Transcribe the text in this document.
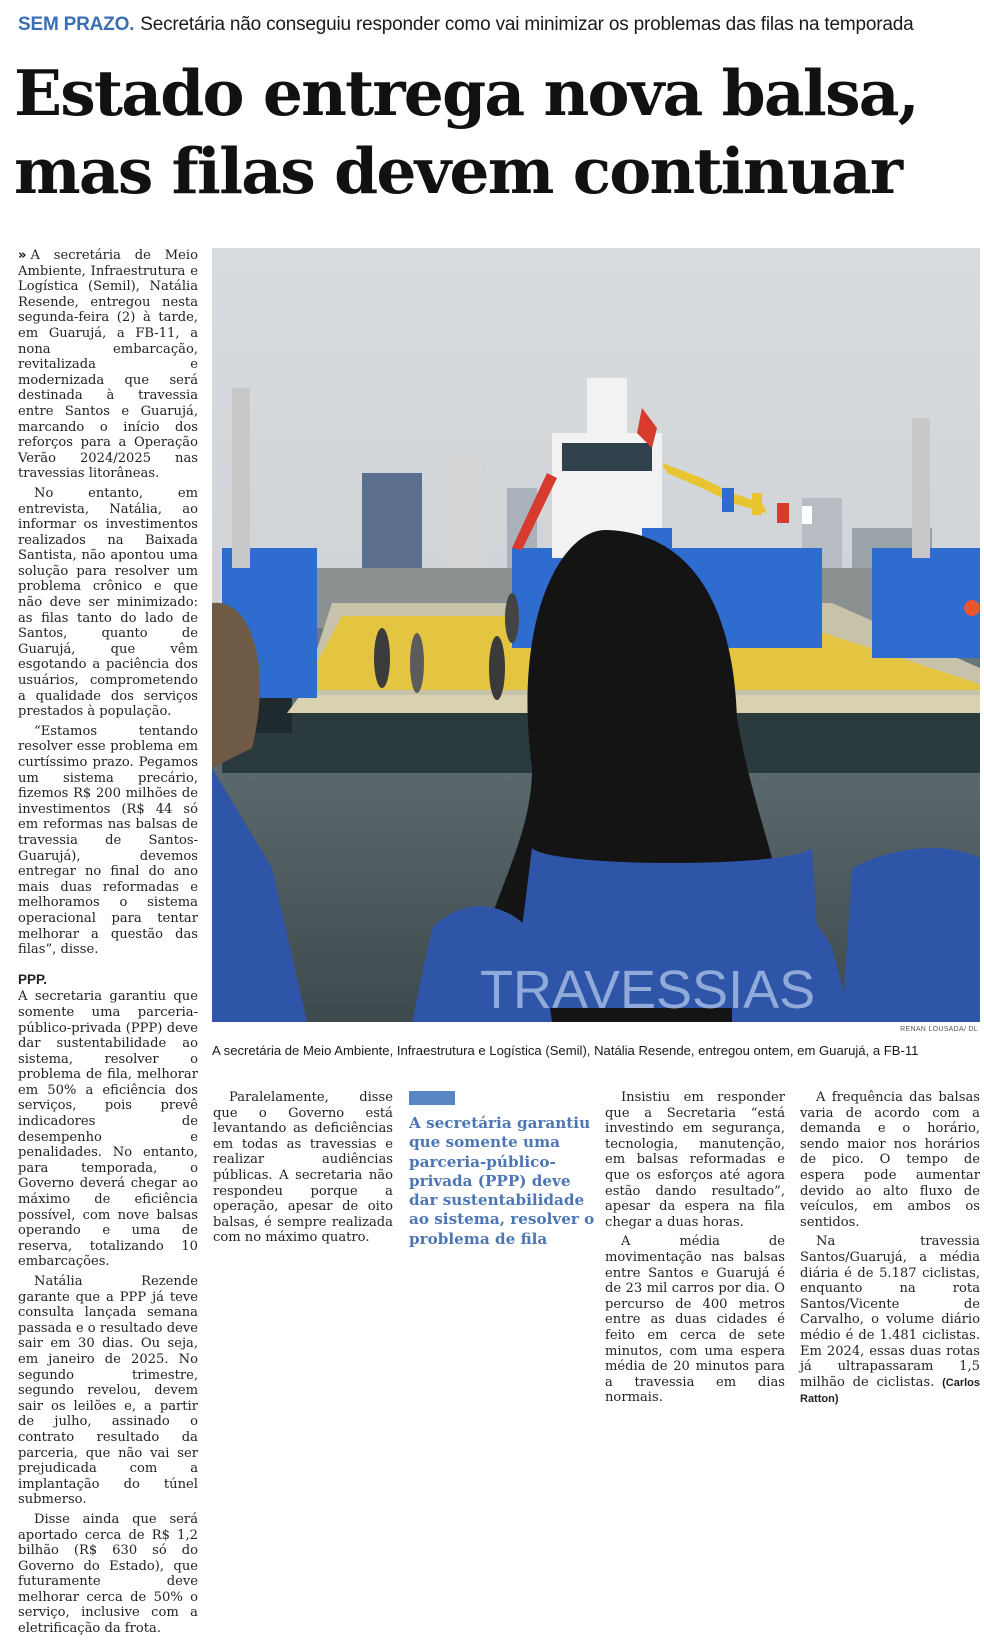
SEM PRAZO. Secretária não conseguiu responder como vai minimizar os problemas das filas na temporada
Estado entrega nova balsa,
mas filas devem continuar

» A secretária de Meio Ambiente, Infraestrutura e Logística (Semil), Natália Resende, entregou nesta segunda-feira (2) à tarde, em Guarujá, a FB-11, a nona embarcação, revitalizada e modernizada que será destinada à travessia entre Santos e Guarujá, marcando o início dos reforços para a Operação Verão 2024/2025 nas travessias litorâneas.

No entanto, em entrevista, Natália, ao informar os investimentos realizados na Baixada Santista, não apontou uma solução para resolver um problema crônico e que não deve ser minimizado: as filas tanto do lado de Santos, quanto de Guarujá, que vêm esgotando a paciência dos usuários, comprometendo a qualidade dos serviços prestados à população.

“Estamos tentando resolver esse problema em curtíssimo prazo. Pegamos um sistema precário, fizemos R$ 200 milhões de investimentos (R$ 44 só em reformas nas balsas de travessia de Santos-Guarujá), devemos entregar no final do ano mais duas reformadas e melhoramos o sistema operacional para tentar melhorar a questão das filas”, disse.

PPP.

A secretaria garantiu que somente uma parceria-público-privada (PPP) deve dar sustentabilidade ao sistema, resolver o problema de fila, melhorar em 50% a eficiência dos serviços, pois prevê indicadores de desempenho e penalidades. No entanto, para temporada, o Governo deverá chegar ao máximo de eficiência possível, com nove balsas operando e uma de reserva, totalizando 10 embarcações.

Natália Rezende garante que a PPP já teve consulta lançada semana passada e o resultado deve sair em 30 dias. Ou seja, em janeiro de 2025. No segundo trimestre, segundo revelou, devem sair os leilões e, a partir de julho, assinado o contrato resultado da parceria, que não vai ser prejudicada com a implantação do túnel submerso.

Disse ainda que será aportado cerca de R$ 1,2 bilhão (R$ 630 só do Governo do Estado), que futuramente deve melhorar cerca de 50% o serviço, inclusive com a eletrificação da frota.

TRAVESSIAS
RENAN LOUSADA/ DL
A secretária de Meio Ambiente, Infraestrutura e Logística (Semil), Natália Resende, entregou ontem, em Guarujá, a FB-11

Paralelamente, disse que o Governo está levantando as deficiências em todas as travessias e realizar audiências públicas. A secretaria não respondeu porque a operação, apesar de oito balsas, é sempre realizada com no máximo quatro.

A secretária garantiu que somente uma parceria-público-privada (PPP) deve dar sustentabilidade ao sistema, resolver o problema de fila

Insistiu em responder que a Secretaria “está investindo em segurança, tecnologia, manutenção, em balsas reformadas e que os esforços até agora estão dando resultado”, apesar da espera na fila chegar a duas horas.

A média de movimentação nas balsas entre Santos e Guarujá é de 23 mil carros por dia. O percurso de 400 metros entre as duas cidades é feito em cerca de sete minutos, com uma espera média de 20 minutos para a travessia em dias normais.

A frequência das balsas varia de acordo com a demanda e o horário, sendo maior nos horários de pico. O tempo de espera pode aumentar devido ao alto fluxo de veículos, em ambos os sentidos.

Na travessia Santos/Guarujá, a média diária é de 5.187 ciclistas, enquanto na rota Santos/Vicente de Carvalho, o volume diário médio é de 1.481 ciclistas. Em 2024, essas duas rotas já ultrapassaram 1,5 milhão de ciclistas. (Carlos Ratton)
